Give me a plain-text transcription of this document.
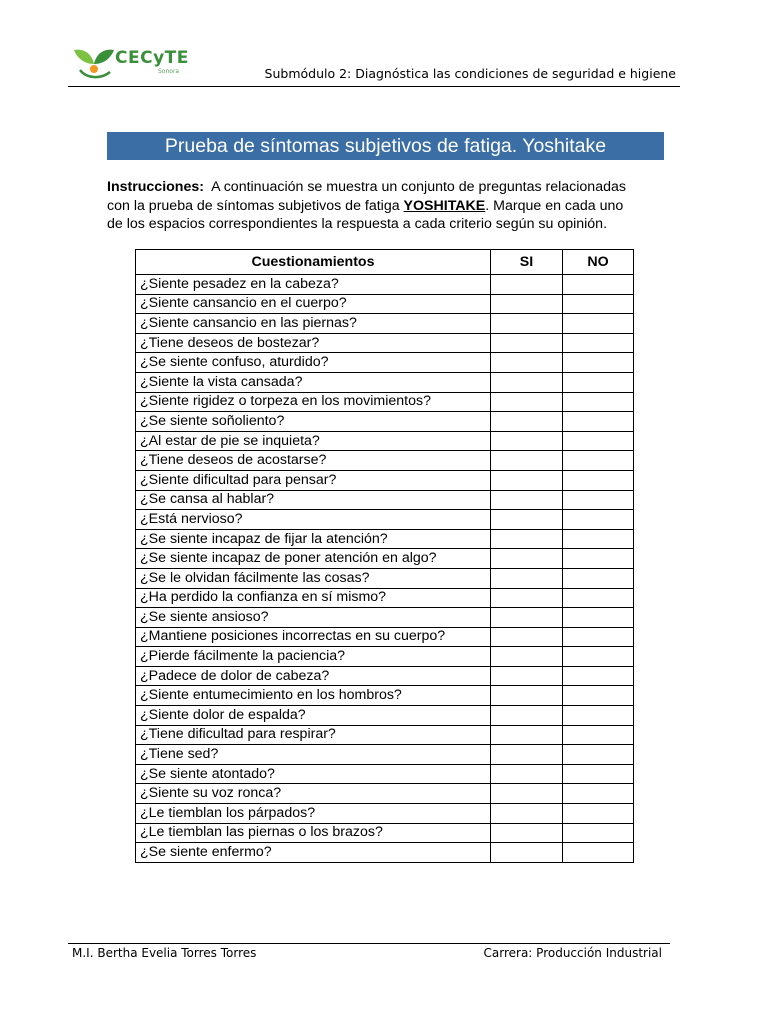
CECyTE
Sonora	Submódulo 2: Diagnóstica las condiciones de seguridad e higiene
Prueba de síntomas subjetivos de fatiga. Yoshitake
Instrucciones: A continuación se muestra un conjunto de preguntas relacionadas
con la prueba de síntomas subjetivos de fatiga YOSHITAKE. Marque en cada uno
de los espacios correspondientes la respuesta a cada criterio según su opinión.
Cuestionamientos	SI	NO
¿Siente pesadez en la cabeza?		
¿Siente cansancio en el cuerpo?		
¿Siente cansancio en las piernas?		
¿Tiene deseos de bostezar?		
¿Se siente confuso, aturdido?		
¿Siente la vista cansada?		
¿Siente rigidez o torpeza en los movimientos?		
¿Se siente soñoliento?		
¿Al estar de pie se inquieta?		
¿Tiene deseos de acostarse?		
¿Siente dificultad para pensar?		
¿Se cansa al hablar?		
¿Está nervioso?		
¿Se siente incapaz de fijar la atención?		
¿Se siente incapaz de poner atención en algo?		
¿Se le olvidan fácilmente las cosas?		
¿Ha perdido la confianza en sí mismo?		
¿Se siente ansioso?		
¿Mantiene posiciones incorrectas en su cuerpo?		
¿Pierde fácilmente la paciencia?		
¿Padece de dolor de cabeza?		
¿Siente entumecimiento en los hombros?		
¿Siente dolor de espalda?		
¿Tiene dificultad para respirar?		
¿Tiene sed?		
¿Se siente atontado?		
¿Siente su voz ronca?		
¿Le tiemblan los párpados?		
¿Le tiemblan las piernas o los brazos?		
¿Se siente enfermo?		
M.I. Bertha Evelia Torres Torres	Carrera: Producción Industrial
